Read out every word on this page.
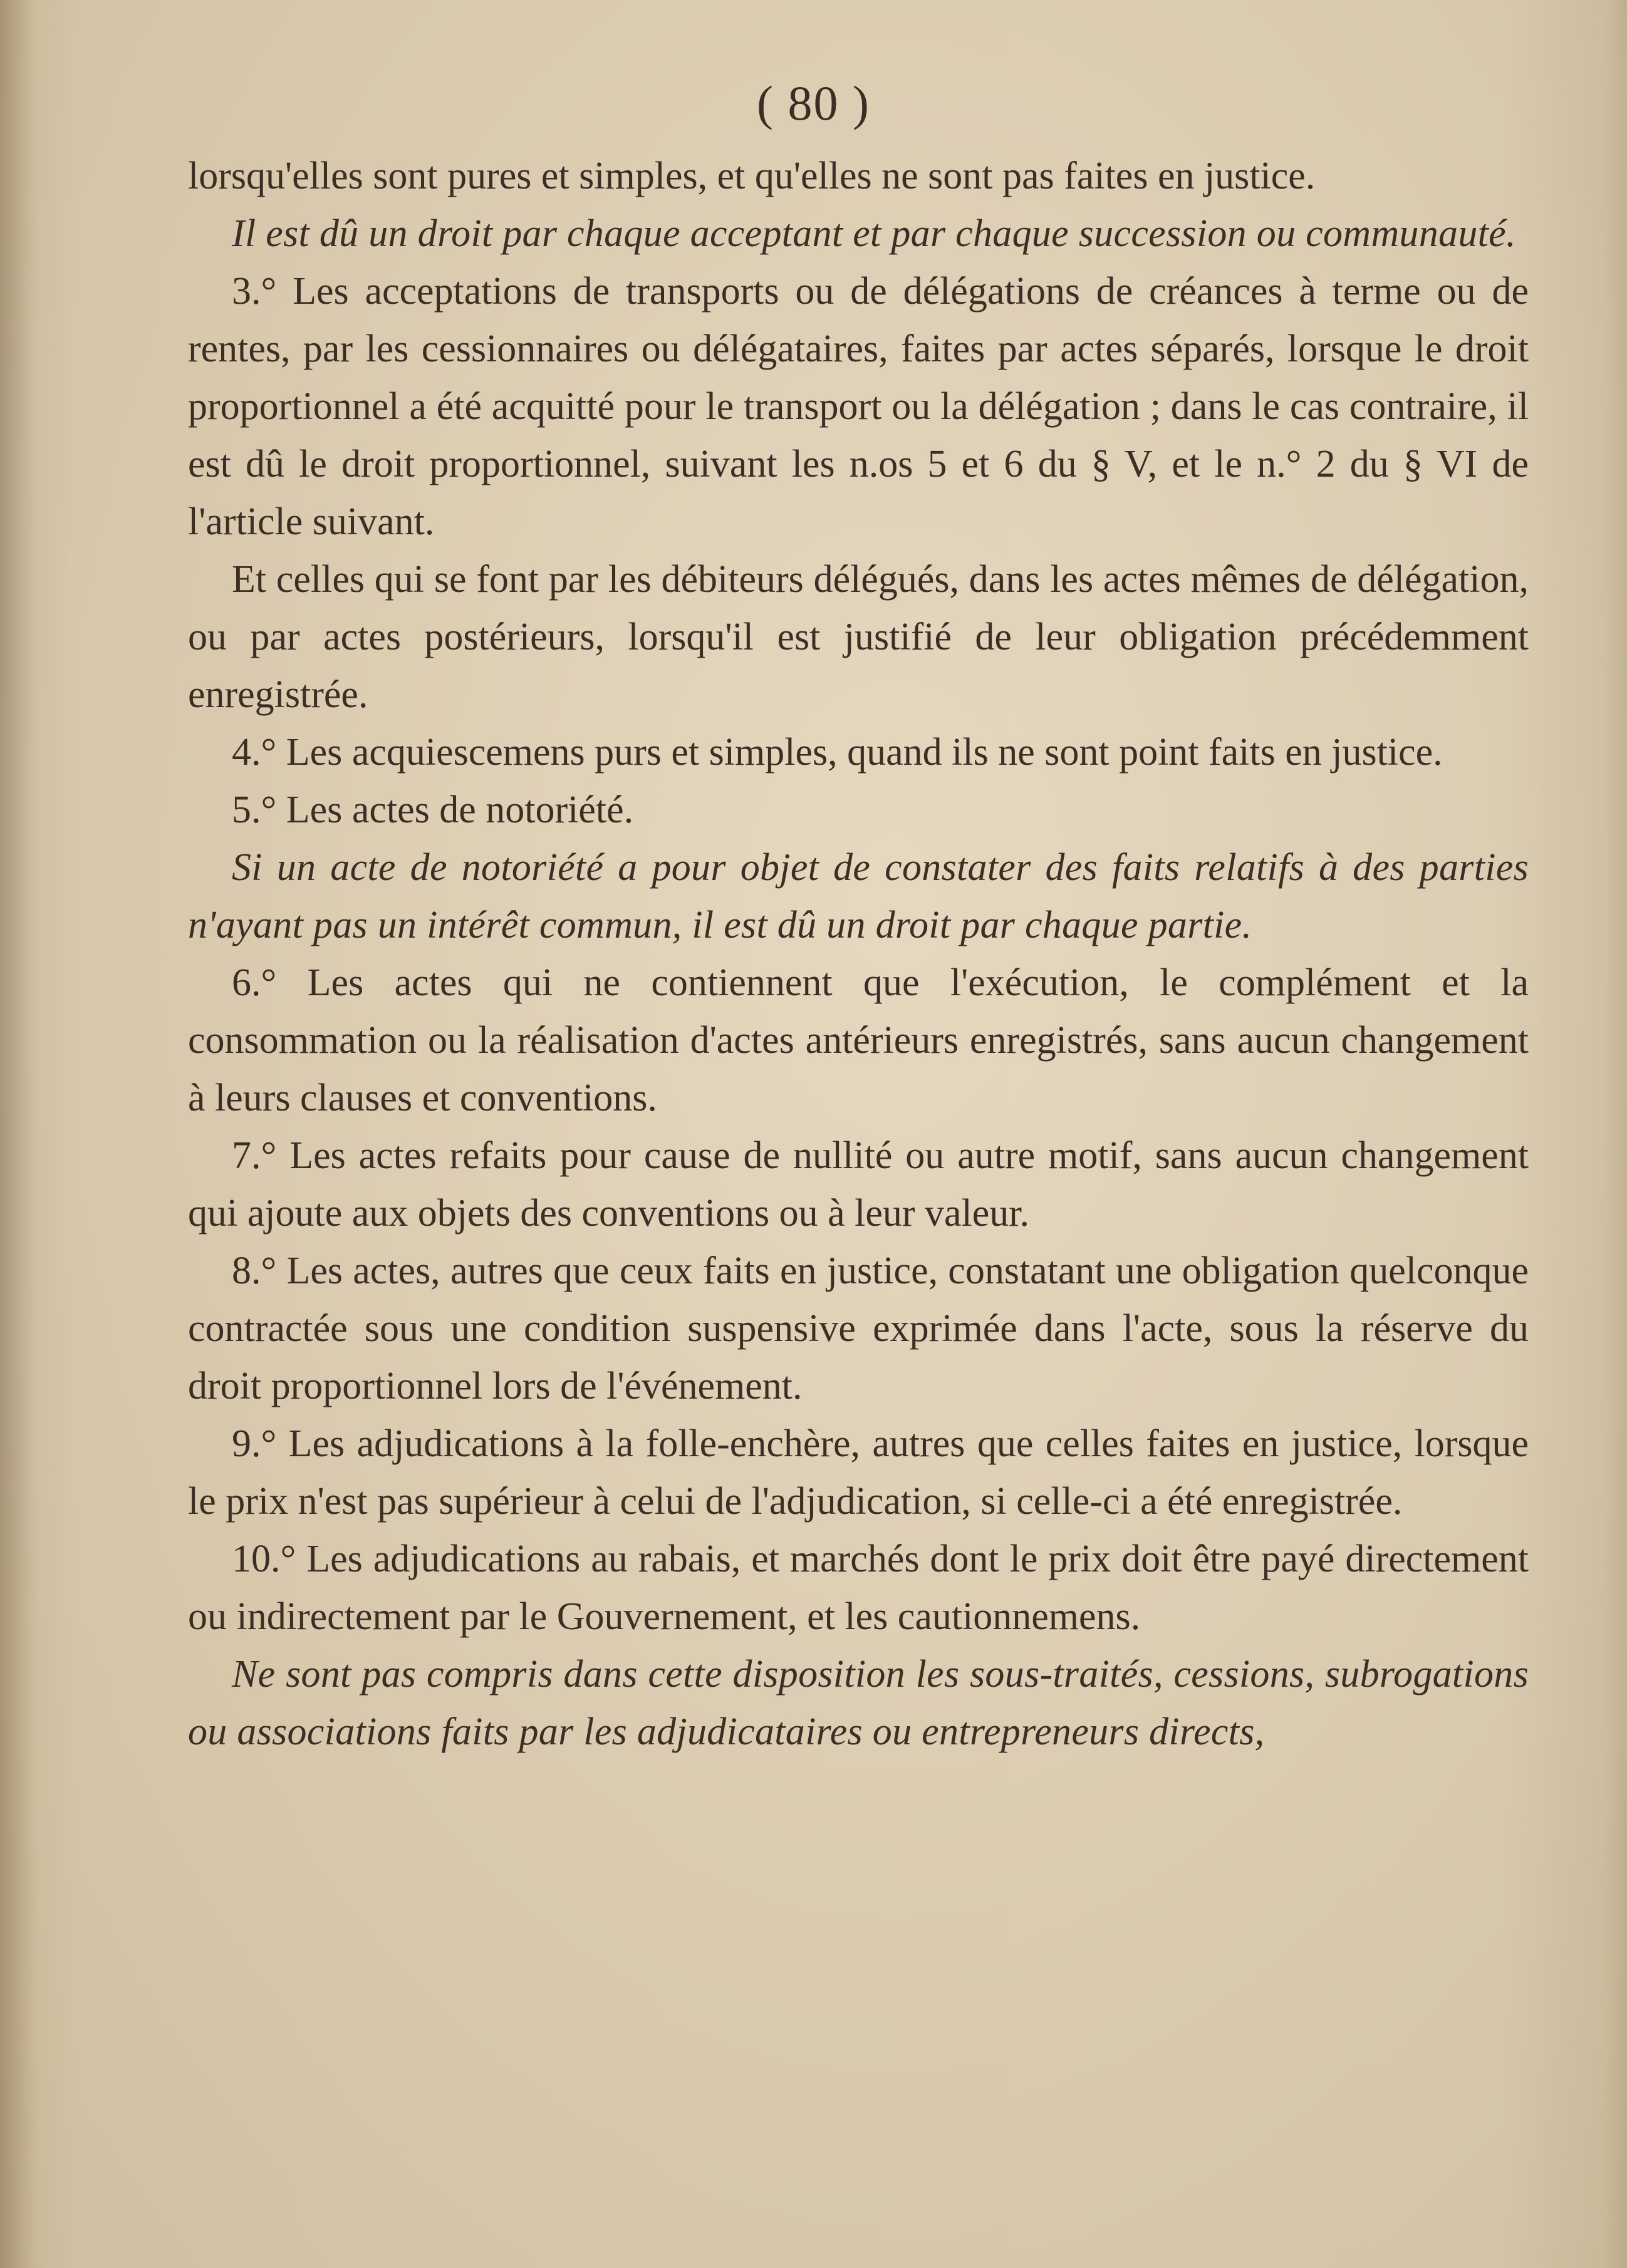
( 80 )

lorsqu'elles sont pures et simples, et qu'elles ne sont pas faites en justice.

Il est dû un droit par chaque acceptant et par chaque succession ou communauté.

3.° Les acceptations de transports ou de délégations de créances à terme ou de rentes, par les cessionnaires ou délégataires, faites par actes séparés, lorsque le droit proportionnel a été acquitté pour le transport ou la délégation ; dans le cas contraire, il est dû le droit proportionnel, suivant les n.os 5 et 6 du § V, et le n.° 2 du § VI de l'article suivant.

Et celles qui se font par les débiteurs délégués, dans les actes mêmes de délégation, ou par actes postérieurs, lorsqu'il est justifié de leur obligation précédemment enregistrée.

4.° Les acquiescemens purs et simples, quand ils ne sont point faits en justice.

5.° Les actes de notoriété.

Si un acte de notoriété a pour objet de constater des faits relatifs à des parties n'ayant pas un intérêt commun, il est dû un droit par chaque partie.

6.° Les actes qui ne contiennent que l'exécution, le complément et la consommation ou la réalisation d'actes antérieurs enregistrés, sans aucun changement à leurs clauses et conventions.

7.° Les actes refaits pour cause de nullité ou autre motif, sans aucun changement qui ajoute aux objets des conventions ou à leur valeur.

8.° Les actes, autres que ceux faits en justice, constatant une obligation quelconque contractée sous une condition suspensive exprimée dans l'acte, sous la réserve du droit proportionnel lors de l'événement.

9.° Les adjudications à la folle-enchère, autres que celles faites en justice, lorsque le prix n'est pas supérieur à celui de l'adjudication, si celle-ci a été enregistrée.

10.° Les adjudications au rabais, et marchés dont le prix doit être payé directement ou indirectement par le Gouvernement, et les cautionnemens.

Ne sont pas compris dans cette disposition les sous-traités, cessions, subrogations ou associations faits par les adjudicataires ou entrepreneurs directs,
